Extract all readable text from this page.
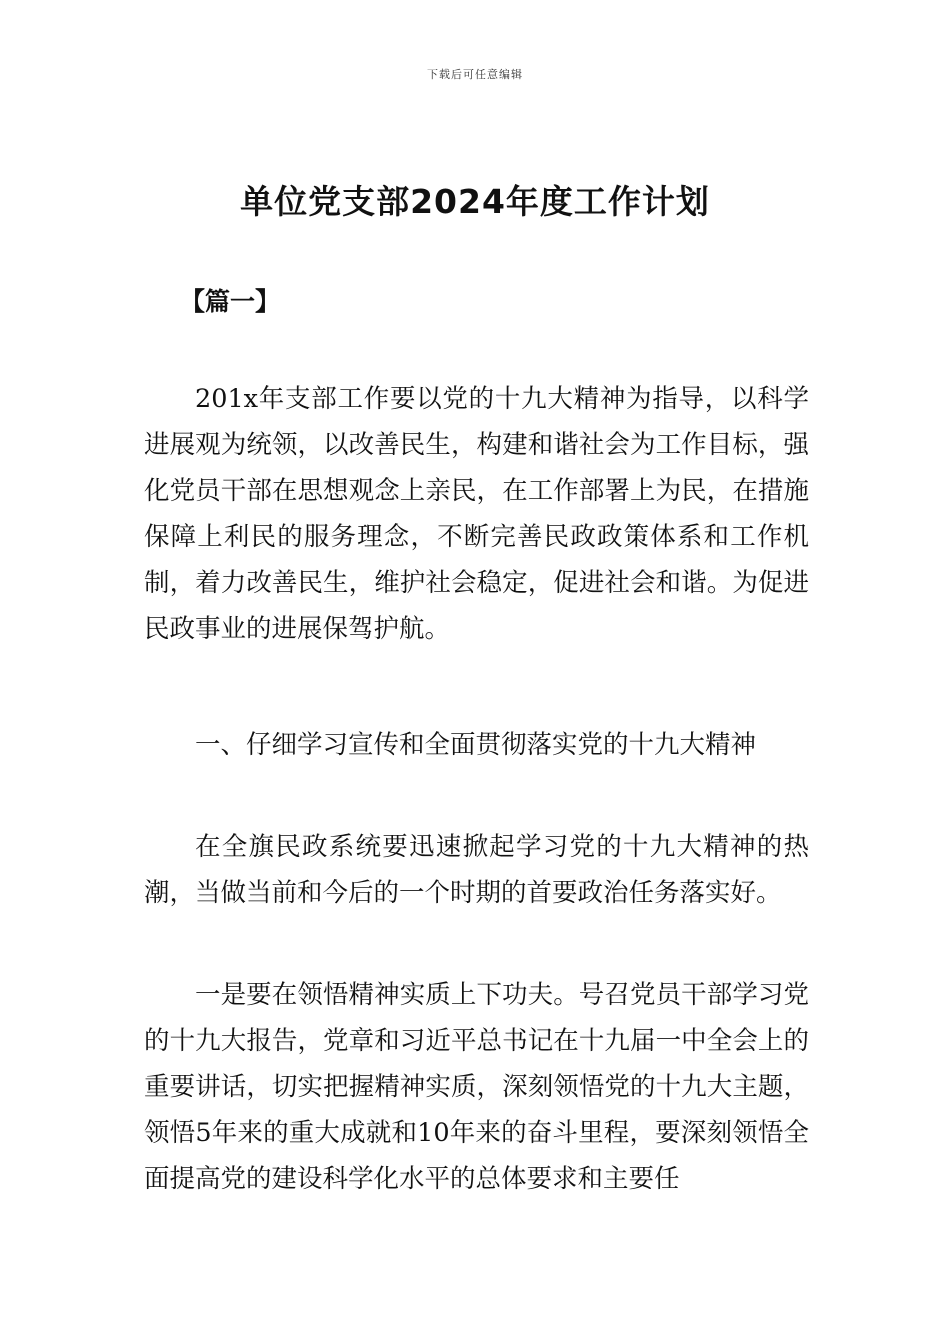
下载后可任意编辑
单位党支部2024年度工作计划
【篇一】

201x年支部工作要以党的十九大精神为指导，以科学进展观为统领，以改善民生，构建和谐社会为工作目标，强化党员干部在思想观念上亲民，在工作部署上为民，在措施保障上利民的服务理念，不断完善民政政策体系和工作机制，着力改善民生，维护社会稳定，促进社会和谐。为促进民政事业的进展保驾护航。

一、仔细学习宣传和全面贯彻落实党的十九大精神

在全旗民政系统要迅速掀起学习党的十九大精神的热潮，当做当前和今后的一个时期的首要政治任务落实好。

一是要在领悟精神实质上下功夫。号召党员干部学习党的十九大报告，党章和习近平总书记在十九届一中全会上的重要讲话，切实把握精神实质，深刻领悟党的十九大主题，领悟5年来的重大成就和10年来的奋斗里程，要深刻领悟全面提高党的建设科学化水平的总体要求和主要任
